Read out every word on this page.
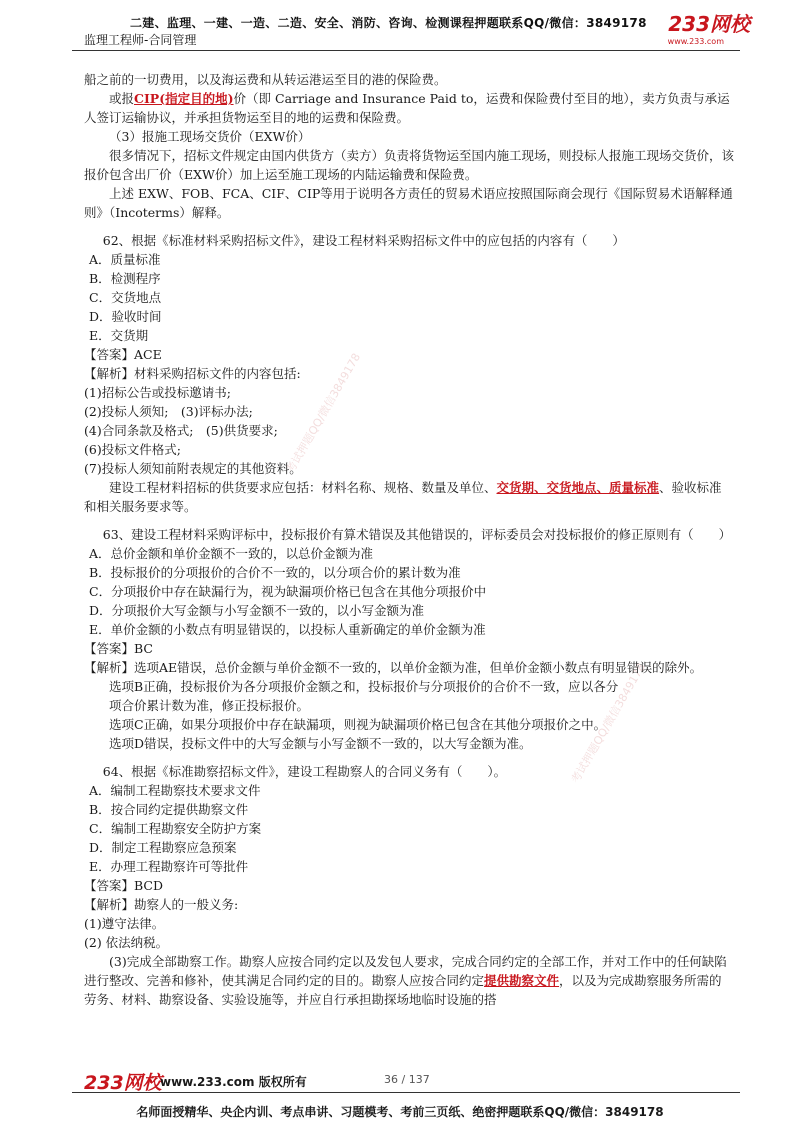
二建、监理、一建、一造、二造、安全、消防、咨询、检测课程押题联系QQ/微信：3849178
监理工程师-合同管理
233网校
www.233.com
考试押题QQ/微信3849178
考试押题QQ/微信3849178

船之前的一切费用，以及海运费和从转运港运至目的港的保险费。

或报CIP(指定目的地)价（即 Carriage and Insurance Paid to，运费和保险费付至目的地），卖方负责与承运人签订运输协议，并承担货物运至目的地的运费和保险费。

（3）报施工现场交货价（EXW价）

很多情况下，招标文件规定由国内供货方（卖方）负责将货物运至国内施工现场，则投标人报施工现场交货价，该报价包含出厂价（EXW价）加上运至施工现场的内陆运输费和保险费。

上述 EXW、FOB、FCA、CIF、CIP等用于说明各方责任的贸易术语应按照国际商会现行《国际贸易术语解释通则》（Incoterms）解释。

62、根据《标准材料采购招标文件》，建设工程材料采购招标文件中的应包括的内容有（　　）

A．质量标准

B．检测程序

C．交货地点

D．验收时间

E．交货期

【答案】ACE

【解析】材料采购招标文件的内容包括:

(1)招标公告或投标邀请书;

(2)投标人须知;　(3)评标办法;

(4)合同条款及格式;　(5)供货要求;

(6)投标文件格式;

(7)投标人须知前附表规定的其他资料。

建设工程材料招标的供货要求应包括：材料名称、规格、数量及单位、交货期、交货地点、质量标准、验收标准和相关服务要求等。

63、建设工程材料采购评标中，投标报价有算术错误及其他错误的，评标委员会对投标报价的修正原则有（　　）

A．总价金额和单价金额不一致的，以总价金额为准

B．投标报价的分项报价的合价不一致的，以分项合价的累计数为准

C．分项报价中存在缺漏行为，视为缺漏项价格已包含在其他分项报价中

D．分项报价大写金额与小写金额不一致的，以小写金额为准

E．单价金额的小数点有明显错误的，以投标人重新确定的单价金额为准

【答案】BC

【解析】选项AE错误，总价金额与单价金额不一致的，以单价金额为准，但单价金额小数点有明显错误的除外。

选项B正确，投标报价为各分项报价金额之和，投标报价与分项报价的合价不一致，应以各分

项合价累计数为准，修正投标报价。

选项C正确，如果分项报价中存在缺漏项，则视为缺漏项价格已包含在其他分项报价之中。

选项D错误，投标文件中的大写金额与小写金额不一致的，以大写金额为准。

64、根据《标准勘察招标文件》，建设工程勘察人的合同义务有（　　）。

A．编制工程勘察技术要求文件

B．按合同约定提供勘察文件

C．编制工程勘察安全防护方案

D．制定工程勘察应急预案

E．办理工程勘察许可等批件

【答案】BCD

【解析】勘察人的一般义务:

(1)遵守法律。

(2) 依法纳税。

(3)完成全部勘察工作。勘察人应按合同约定以及发包人要求，完成合同约定的全部工作，并对工作中的任何缺陷进行整改、完善和修补，使其满足合同约定的目的。勘察人应按合同约定提供勘察文件，以及为完成勘察服务所需的劳务、材料、勘察设备、实验设施等，并应自行承担勘探场地临时设施的搭

233网校
www.233.com 版权所有	36 / 137
名师面授精华、央企内训、考点串讲、习题模考、考前三页纸、绝密押题联系QQ/微信：3849178
